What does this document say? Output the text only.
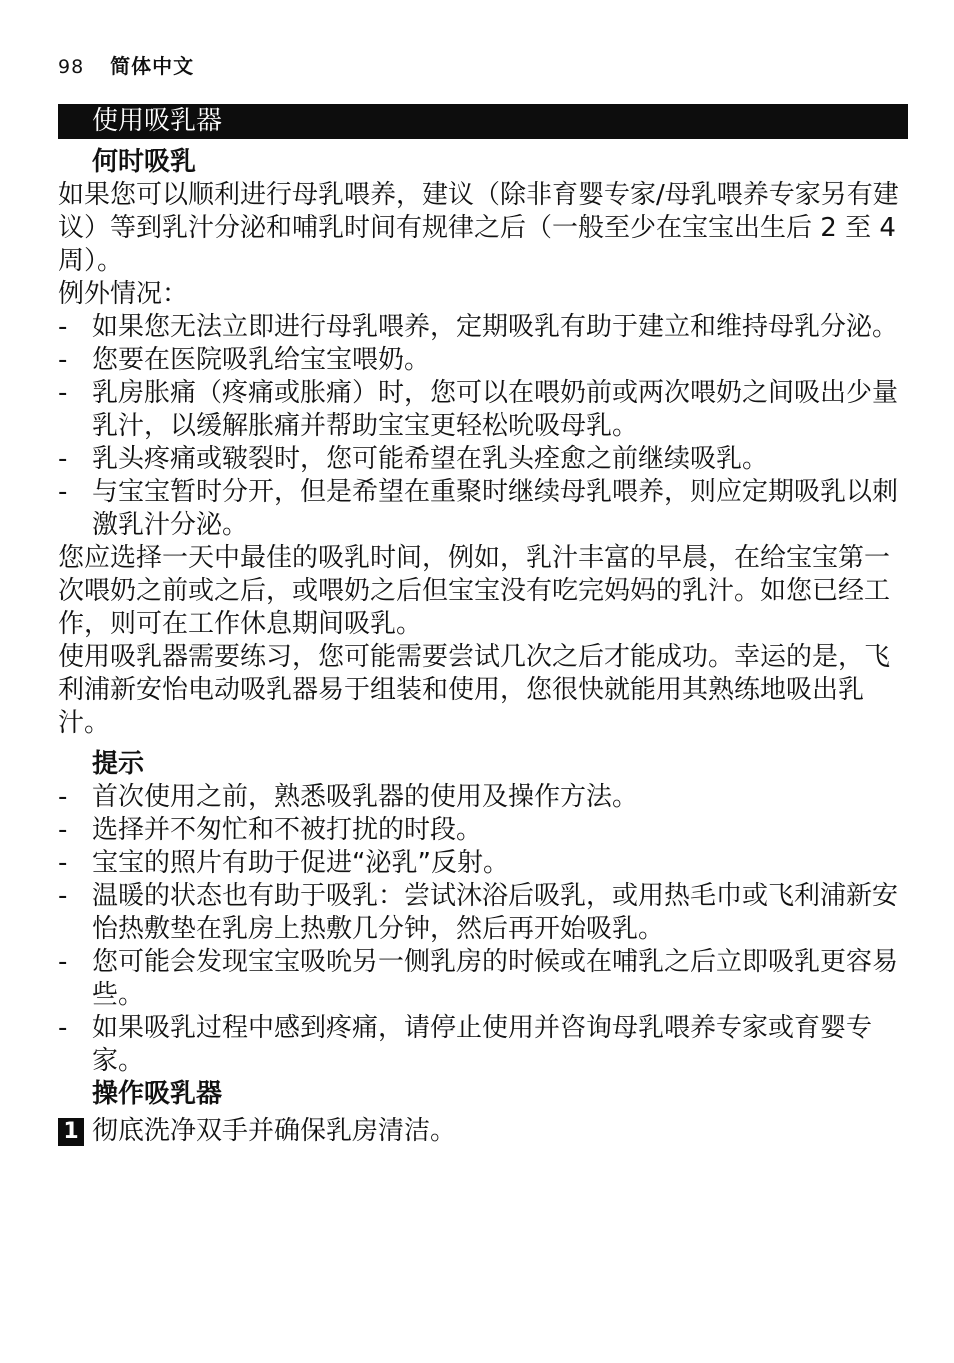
98 简体中文
使用吸乳器
何时吸乳

如果您可以顺利进行母乳喂养，建议（除非育婴专家/母乳喂养专家另有建议）等到乳汁分泌和哺乳时间有规律之后（一般至少在宝宝出生后 2 至 4 周）。

例外情况：

- 如果您无法立即进行母乳喂养，定期吸乳有助于建立和维持母乳分泌。
- 您要在医院吸乳给宝宝喂奶。
- 乳房胀痛（疼痛或胀痛）时，您可以在喂奶前或两次喂奶之间吸出少量乳汁，以缓解胀痛并帮助宝宝更轻松吮吸母乳。
- 乳头疼痛或皲裂时，您可能希望在乳头痊愈之前继续吸乳。
- 与宝宝暂时分开，但是希望在重聚时继续母乳喂养，则应定期吸乳以刺激乳汁分泌。

您应选择一天中最佳的吸乳时间，例如，乳汁丰富的早晨，在给宝宝第一次喂奶之前或之后，或喂奶之后但宝宝没有吃完妈妈的乳汁。如您已经工作，则可在工作休息期间吸乳。

使用吸乳器需要练习，您可能需要尝试几次之后才能成功。幸运的是，飞利浦新安怡电动吸乳器易于组装和使用，您很快就能用其熟练地吸出乳汁。

提示
- 首次使用之前，熟悉吸乳器的使用及操作方法。
- 选择并不匆忙和不被打扰的时段。
- 宝宝的照片有助于促进“泌乳”反射。
- 温暖的状态也有助于吸乳：尝试沐浴后吸乳，或用热毛巾或飞利浦新安怡热敷垫在乳房上热敷几分钟，然后再开始吸乳。
- 您可能会发现宝宝吸吮另一侧乳房的时候或在哺乳之后立即吸乳更容易些。
- 如果吸乳过程中感到疼痛，请停止使用并咨询母乳喂养专家或育婴专家。
操作吸乳器
1 彻底洗净双手并确保乳房清洁。
